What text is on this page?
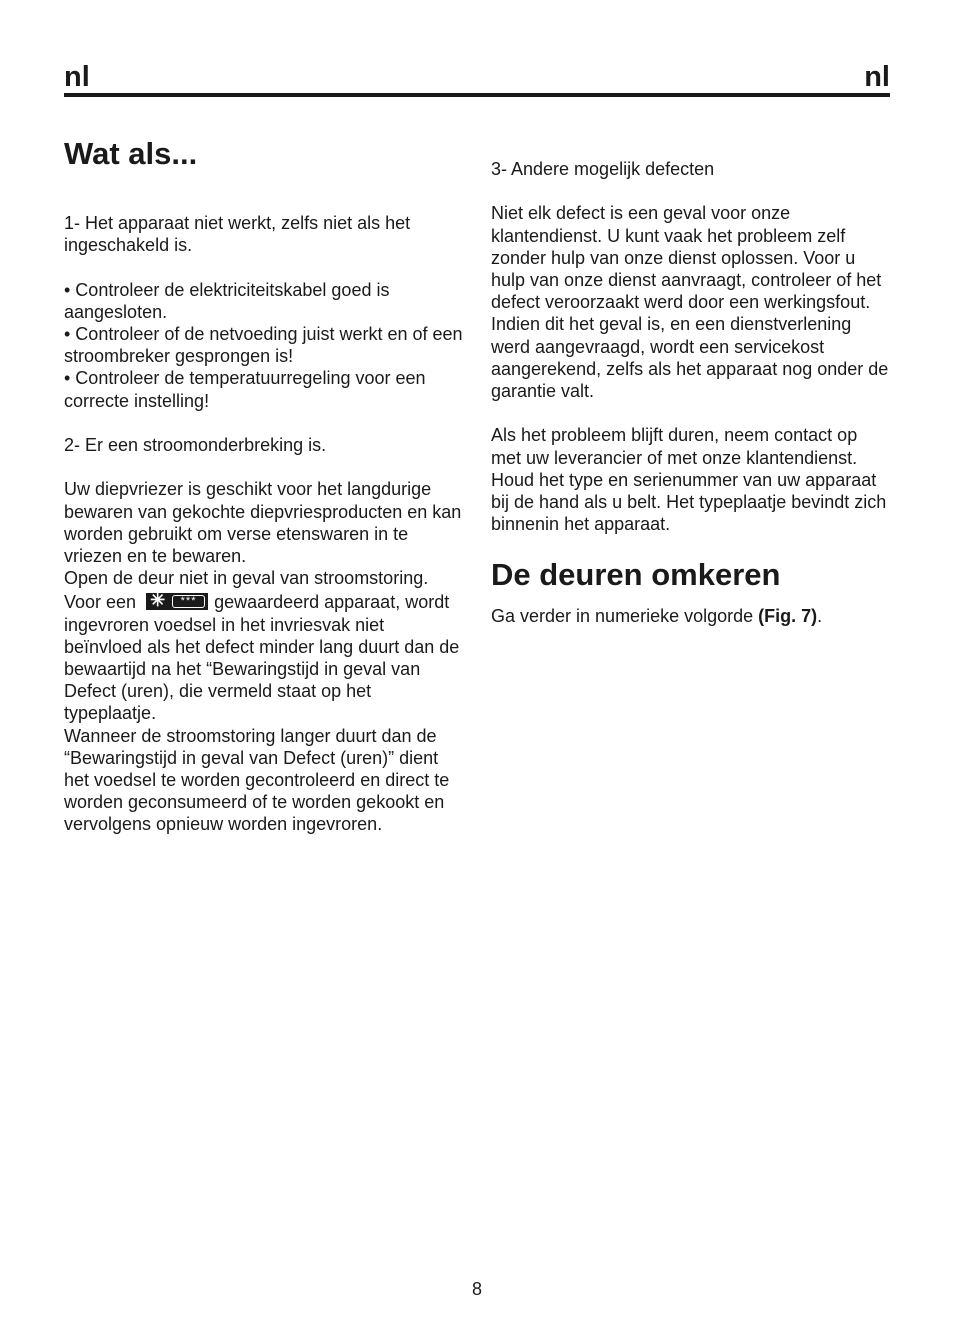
nl	nl
Wat als...

1- Het apparaat niet werkt, zelfs niet als het ingeschakeld is.

• Controleer de elektriciteitskabel goed is aangesloten.

• Controleer of de netvoeding juist werkt en of een stroombreker gesprongen is!

• Controleer de temperatuurregeling voor een correcte instelling!

2- Er een stroomonderbreking is.

Uw diepvriezer is geschikt voor het langdurige bewaren van gekochte diepvriesproducten en kan worden gebruikt om verse etenswaren in te vriezen en te bewaren.

Open de deur niet in geval van stroomstoring.

Voor een ✳	*** gewaardeerd apparaat, wordt ingevroren voedsel in het invriesvak niet beïnvloed als het defect minder lang duurt dan de bewaartijd na het “Bewaringstijd in geval van Defect (uren), die vermeld staat op het typeplaatje.

Wanneer de stroomstoring langer duurt dan de “Bewaringstijd in geval van Defect (uren)” dient het voedsel te worden gecontroleerd en direct te worden geconsumeerd of te worden gekookt en vervolgens opnieuw worden ingevroren.

3- Andere mogelijk defecten

Niet elk defect is een geval voor onze klantendienst. U kunt vaak het probleem zelf zonder hulp van onze dienst oplossen. Voor u hulp van onze dienst aanvraagt, controleer of het defect veroorzaakt werd door een werkingsfout. Indien dit het geval is, en een dienstverlening werd aangevraagd, wordt een servicekost aangerekend, zelfs als het apparaat nog onder de garantie valt.

Als het probleem blijft duren, neem contact op met uw leverancier of met onze klantendienst.

Houd het type en serienummer van uw apparaat bij de hand als u belt. Het typeplaatje bevindt zich binnenin het apparaat.

De deuren omkeren

Ga verder in numerieke volgorde (Fig. 7).

8
